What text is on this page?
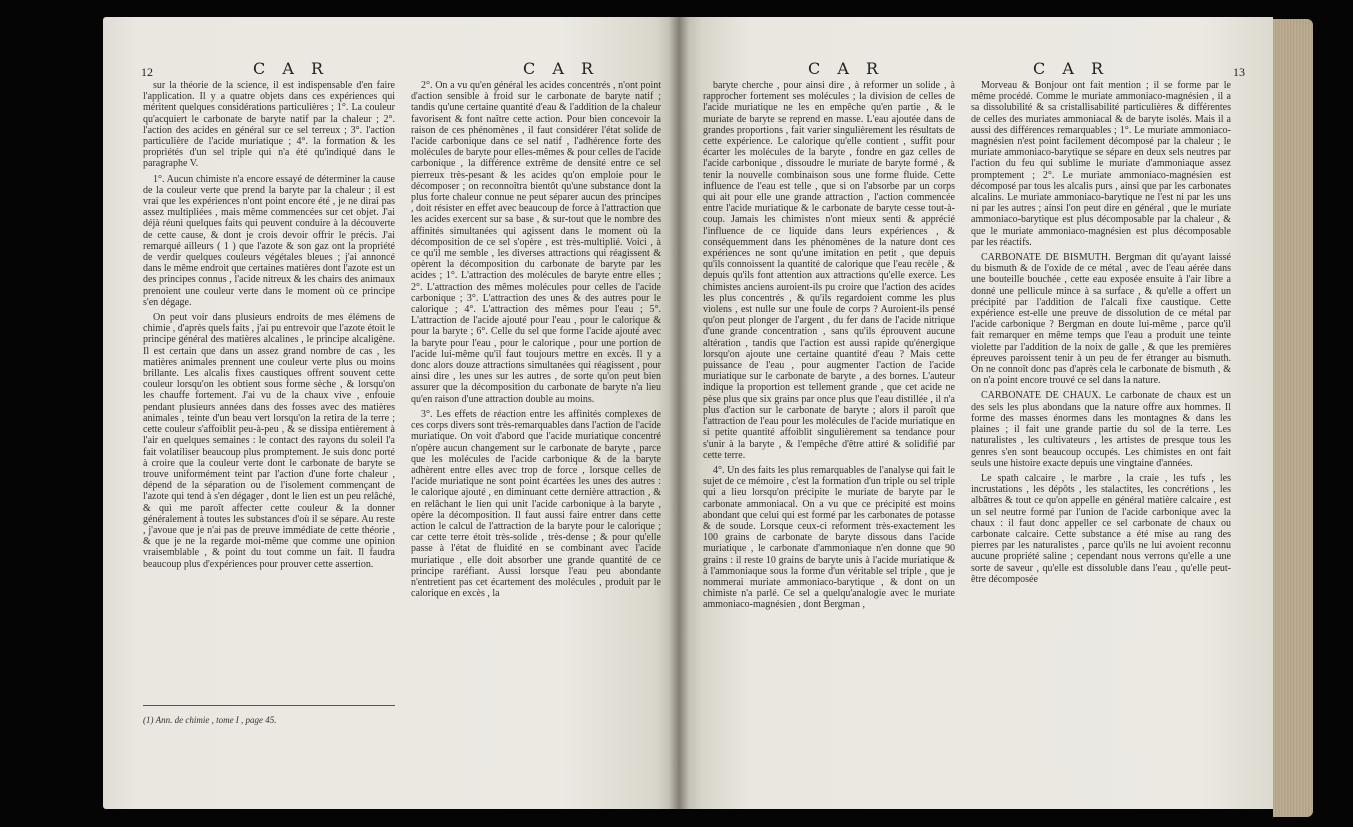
12	C A R	C A R

sur la théorie de la science, il est indispensable d'en faire l'application. Il y a quatre objets dans ces expériences qui méritent quelques considérations particulières ; 1°. La couleur qu'acquiert le carbonate de baryte natif par la chaleur ; 2°. l'action des acides en général sur ce sel terreux ; 3°. l'action particulière de l'acide muriatique ; 4°. la formation & les propriétés d'un sel triple qui n'a été qu'indiqué dans le paragraphe V.

1°. Aucun chimiste n'a encore essayé de déterminer la cause de la couleur verte que prend la baryte par la chaleur ; il est vrai que les expériences n'ont point encore été , je ne dirai pas assez multipliées , mais même commencées sur cet objet. J'ai déjà réuni quelques faits qui peuvent conduire à la découverte de cette cause, & dont je crois devoir offrir le précis. J'ai remarqué ailleurs ( 1 ) que l'azote & son gaz ont la propriété de verdir quelques couleurs végétales bleues ; j'ai annoncé dans le même endroit que certaines matières dont l'azote est un des principes connus , l'acide nitreux & les chairs des animaux prenoient une couleur verte dans le moment où ce principe s'en dégage.

On peut voir dans plusieurs endroits de mes élémens de chimie , d'après quels faits , j'ai pu entrevoir que l'azote étoit le principe général des matières alcalines , le principe alcaligène. Il est certain que dans un assez grand nombre de cas , les matières animales prennent une couleur verte plus ou moins brillante. Les alcalis fixes caustiques offrent souvent cette couleur lorsqu'on les obtient sous forme sèche , & lorsqu'on les chauffe fortement. J'ai vu de la chaux vive , enfouie pendant plusieurs années dans des fosses avec des matières animales , teinte d'un beau vert lorsqu'on la retira de la terre ; cette couleur s'affoiblit peu-à-peu , & se dissipa entièrement à l'air en quelques semaines : le contact des rayons du soleil l'a fait volatiliser beaucoup plus promptement. Je suis donc porté à croire que la couleur verte dont le carbonate de baryte se trouve uniformément teint par l'action d'une forte chaleur , dépend de la séparation ou de l'isolement commençant de l'azote qui tend à s'en dégager , dont le lien est un peu relâché, & qui me paroît affecter cette couleur & la donner généralement à toutes les substances d'où il se sépare. Au reste , j'avoue que je n'ai pas de preuve immédiate de cette théorie , & que je ne la regarde moi-même que comme une opinion vraisemblable , & point du tout comme un fait. Il faudra beaucoup plus d'expériences pour prouver cette assertion.

(1) Ann. de chimie , tome I , page 45.

2°. On a vu qu'en général les acides concentrés , n'ont point d'action sensible à froid sur le carbonate de baryte natif ; tandis qu'une certaine quantité d'eau & l'addition de la chaleur favorisent & font naître cette action. Pour bien concevoir la raison de ces phénomènes , il faut considérer l'état solide de l'acide carbonique dans ce sel natif , l'adhérence forte des molécules de baryte pour elles-mêmes & pour celles de l'acide carbonique , la différence extrême de densité entre ce sel pierreux très-pesant & les acides qu'on emploie pour le décomposer ; on reconnoîtra bientôt qu'une substance dont la plus forte chaleur connue ne peut séparer aucun des principes , doit résister en effet avec beaucoup de force à l'attraction que les acides exercent sur sa base , & sur-tout que le nombre des affinités simultanées qui agissent dans le moment où la décomposition de ce sel s'opère , est très-multiplié. Voici , à ce qu'il me semble , les diverses attractions qui réagissent & opèrent la décomposition du carbonate de baryte par les acides ; 1°. L'attraction des molécules de baryte entre elles ; 2°. L'attraction des mêmes molécules pour celles de l'acide carbonique ; 3°. L'attraction des unes & des autres pour le calorique ; 4°. L'attraction des mêmes pour l'eau ; 5°. L'attraction de l'acide ajouté pour l'eau , pour le calorique & pour la baryte ; 6°. Celle du sel que forme l'acide ajouté avec la baryte pour l'eau , pour le calorique , pour une portion de l'acide lui-même qu'il faut toujours mettre en excès. Il y a donc alors douze attractions simultanées qui réagissent , pour ainsi dire , les unes sur les autres , de sorte qu'on peut bien assurer que la décomposition du carbonate de baryte n'a lieu qu'en raison d'une attraction double au moins.

3°. Les effets de réaction entre les affinités complexes de ces corps divers sont très-remarquables dans l'action de l'acide muriatique. On voit d'abord que l'acide muriatique concentré n'opère aucun changement sur le carbonate de baryte , parce que les molécules de l'acide carbonique & de la baryte adhèrent entre elles avec trop de force , lorsque celles de l'acide muriatique ne sont point écartées les unes des autres : le calorique ajouté , en diminuant cette dernière attraction , & en relâchant le lien qui unit l'acide carbonique à la baryte , opère la décomposition. Il faut aussi faire entrer dans cette action le calcul de l'attraction de la baryte pour le calorique ; car cette terre étoit très-solide , très-dense ; & pour qu'elle passe à l'état de fluidité en se combinant avec l'acide muriatique , elle doit absorber une grande quantité de ce principe raréfiant. Aussi lorsque l'eau peu abondante n'entretient pas cet écartement des molécules , produit par le calorique en excès , la

C A R	C A R	13

baryte cherche , pour ainsi dire , à reformer un solide , à rapprocher fortement ses molécules ; la division de celles de l'acide muriatique ne les en empêche qu'en partie , & le muriate de baryte se reprend en masse. L'eau ajoutée dans de grandes proportions , fait varier singulièrement les résultats de cette expérience. Le calorique qu'elle contient , suffit pour écarter les molécules de la baryte , fondre en gaz celles de l'acide carbonique , dissoudre le muriate de baryte formé , & tenir la nouvelle combinaison sous une forme fluide. Cette influence de l'eau est telle , que si on l'absorbe par un corps qui ait pour elle une grande attraction , l'action commencée entre l'acide muriatique & le carbonate de baryte cesse tout-à-coup. Jamais les chimistes n'ont mieux senti & apprécié l'influence de ce liquide dans leurs expériences , & conséquemment dans les phénomènes de la nature dont ces expériences ne sont qu'une imitation en petit , que depuis qu'ils connoissent la quantité de calorique que l'eau recèle , & depuis qu'ils font attention aux attractions qu'elle exerce. Les chimistes anciens auroient-ils pu croire que l'action des acides les plus concentrés , & qu'ils regardoient comme les plus violens , est nulle sur une foule de corps ? Auroient-ils pensé qu'on peut plonger de l'argent , du fer dans de l'acide nitrique d'une grande concentration , sans qu'ils éprouvent aucune altération , tandis que l'action est aussi rapide qu'énergique lorsqu'on ajoute une certaine quantité d'eau ? Mais cette puissance de l'eau , pour augmenter l'action de l'acide muriatique sur le carbonate de baryte , a des bornes. L'auteur indique la proportion est tellement grande , que cet acide ne pèse plus que six grains par once plus que l'eau distillée , il n'a plus d'action sur le carbonate de baryte ; alors il paroît que l'attraction de l'eau pour les molécules de l'acide muriatique en si petite quantité affoiblit singulièrement sa tendance pour s'unir à la baryte , & l'empêche d'être attiré & solidifié par cette terre.

4°. Un des faits les plus remarquables de l'analyse qui fait le sujet de ce mémoire , c'est la formation d'un triple ou sel triple qui a lieu lorsqu'on précipite le muriate de baryte par le carbonate ammoniacal. On a vu que ce précipité est moins abondant que celui qui est formé par les carbonates de potasse & de soude. Lorsque ceux-ci reforment très-exactement les 100 grains de carbonate de baryte dissous dans l'acide muriatique , le carbonate d'ammoniaque n'en donne que 90 grains : il reste 10 grains de baryte unis à l'acide muriatique & à l'ammoniaque sous la forme d'un véritable sel triple , que je nommerai muriate ammoniaco-barytique , & dont on un chimiste n'a parlé. Ce sel a quelqu'analogie avec le muriate ammoniaco-magnésien , dont Bergman ,

Morveau & Bonjour ont fait mention ; il se forme par le même procédé. Comme le muriate ammoniaco-magnésien , il a sa dissolubilité & sa cristallisabilité particulières & différentes de celles des muriates ammoniacal & de baryte isolés. Mais il a aussi des différences remarquables ; 1°. Le muriate ammoniaco-magnésien n'est point facilement décomposé par la chaleur ; le muriate ammoniaco-barytique se sépare en deux sels neutres par l'action du feu qui sublime le muriate d'ammoniaque assez promptement ; 2°. Le muriate ammoniaco-magnésien est décomposé par tous les alcalis purs , ainsi que par les carbonates alcalins. Le muriate ammoniaco-barytique ne l'est ni par les uns ni par les autres ; ainsi l'on peut dire en général , que le muriate ammoniaco-barytique est plus décomposable par la chaleur , & que le muriate ammoniaco-magnésien est plus décomposable par les réactifs.

CARBONATE DE BISMUTH. Bergman dit qu'ayant laissé du bismuth & de l'oxide de ce métal , avec de l'eau aérée dans une bouteille bouchée , cette eau exposée ensuite à l'air libre a donné une pellicule mince à sa surface , & qu'elle a offert un précipité par l'addition de l'alcali fixe caustique. Cette expérience est-elle une preuve de dissolution de ce métal par l'acide carbonique ? Bergman en doute lui-même , parce qu'il fait remarquer en même temps que l'eau a produit une teinte violette par l'addition de la noix de galle , & que les premières épreuves paroissent tenir à un peu de fer étranger au bismuth. On ne connoît donc pas d'après cela le carbonate de bismuth , & on n'a point encore trouvé ce sel dans la nature.

CARBONATE DE CHAUX. Le carbonate de chaux est un des sels les plus abondans que la nature offre aux hommes. Il forme des masses énormes dans les montagnes & dans les plaines ; il fait une grande partie du sol de la terre. Les naturalistes , les cultivateurs , les artistes de presque tous les genres s'en sont beaucoup occupés. Les chimistes en ont fait seuls une histoire exacte depuis une vingtaine d'années.

Le spath calcaire , le marbre , la craie , les tufs , les incrustations , les dépôts , les stalactites, les concrétions , les albâtres & tout ce qu'on appelle en général matière calcaire , est un sel neutre formé par l'union de l'acide carbonique avec la chaux : il faut donc appeller ce sel carbonate de chaux ou carbonate calcaire. Cette substance a été mise au rang des pierres par les naturalistes , parce qu'ils ne lui avoient reconnu aucune propriété saline ; cependant nous verrons qu'elle a une sorte de saveur , qu'elle est dissoluble dans l'eau , qu'elle peut-être décomposée
